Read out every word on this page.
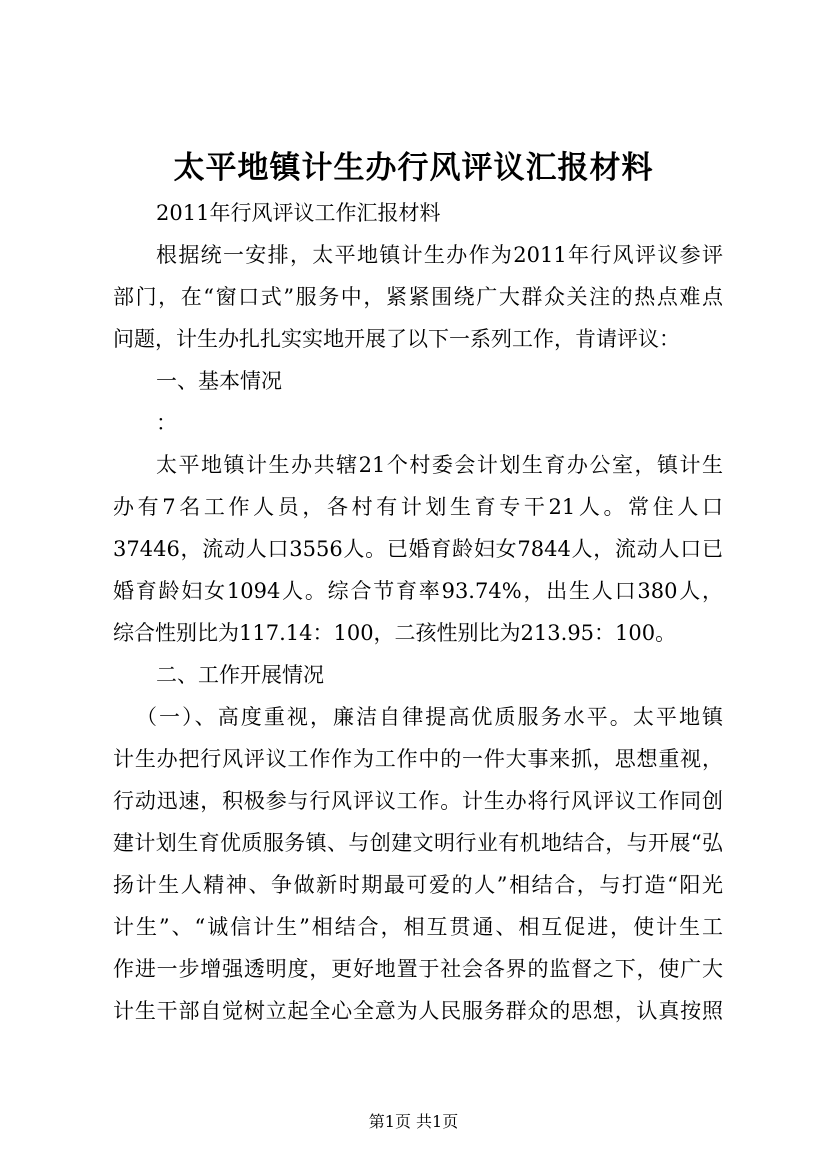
太平地镇计生办行风评议汇报材料
2011年行风评议工作汇报材料
根据统一安排，太平地镇计生办作为2011年行风评议参评
部门，在“窗口式”服务中，紧紧围绕广大群众关注的热点难点
问题，计生办扎扎实实地开展了以下一系列工作，肯请评议：
一、基本情况
：
太平地镇计生办共辖21个村委会计划生育办公室，镇计生
办有7名工作人员，各村有计划生育专干21人。常住人口
37446，流动人口3556人。已婚育龄妇女7844人，流动人口已
婚育龄妇女1094人。综合节育率93.74%，出生人口380人，
综合性别比为117.14：100，二孩性别比为213.95：100。
二、工作开展情况
（一）、高度重视，廉洁自律提高优质服务水平。太平地镇
计生办把行风评议工作作为工作中的一件大事来抓，思想重视，
行动迅速，积极参与行风评议工作。计生办将行风评议工作同创
建计划生育优质服务镇、与创建文明行业有机地结合，与开展“弘
扬计生人精神、争做新时期最可爱的人”相结合，与打造“阳光
计生”、“诚信计生”相结合，相互贯通、相互促进，使计生工
作进一步增强透明度，更好地置于社会各界的监督之下，使广大
计生干部自觉树立起全心全意为人民服务群众的思想，认真按照
第1页 共1页
